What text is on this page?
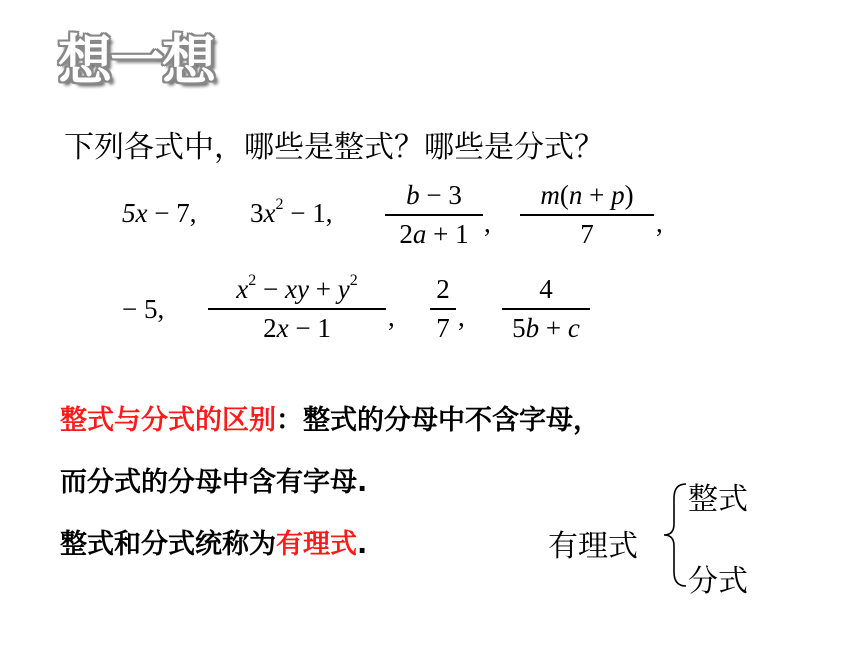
想一想
下列各式中，哪些是整式？哪些是分式？
5x − 7, $3x^2 - 1$,
b − 3
2a + 1 ,
m(n + p)
7	,
− 5,
$x^2$ − xy + $y^2$
2x − 1	,
2
7 ,
4
5b + c
整式与分式的区别：整式的分母中不含字母，
而分式的分母中含有字母.
整式和分式统称为有理式.	有理式
整式
分式
